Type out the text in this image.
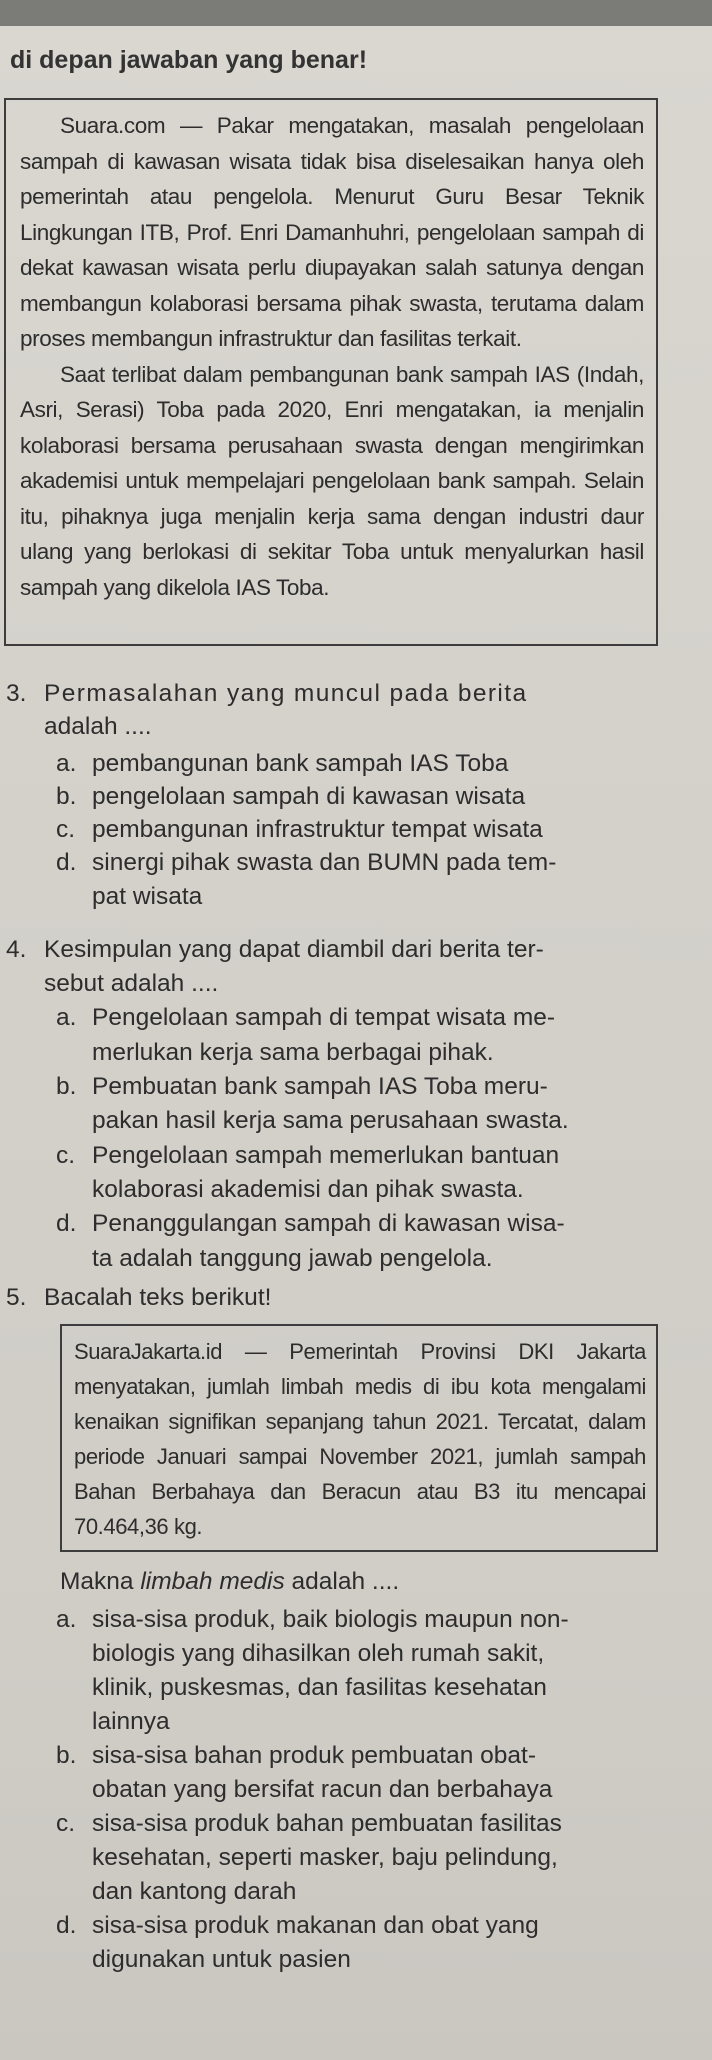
di depan jawaban yang benar!

Suara.com — Pakar mengatakan, masalah pengelolaan sampah di kawasan wisata tidak bisa diselesaikan hanya oleh pemerintah atau pengelola. Menurut Guru Besar Teknik Lingkungan ITB, Prof. Enri Damanhuhri, pengelolaan sampah di dekat kawasan wisata perlu diupayakan salah satunya dengan membangun kolaborasi bersama pihak swasta, terutama dalam proses membangun infrastruktur dan fasilitas terkait.

Saat terlibat dalam pembangunan bank sampah IAS (Indah, Asri, Serasi) Toba pada 2020, Enri mengatakan, ia menjalin kolaborasi bersama perusahaan swasta dengan mengirimkan akademisi untuk mempelajari pengelolaan bank sampah. Selain itu, pihaknya juga menjalin kerja sama dengan industri daur ulang yang berlokasi di sekitar Toba untuk menyalurkan hasil sampah yang dikelola IAS Toba.

3. Permasalahan yang muncul pada berita
adalah ....
a. pembangunan bank sampah IAS Toba
b. pengelolaan sampah di kawasan wisata
c. pembangunan infrastruktur tempat wisata
d. sinergi pihak swasta dan BUMN pada tem-
pat wisata
4. Kesimpulan yang dapat diambil dari berita ter-
sebut adalah ....
a. Pengelolaan sampah di tempat wisata me-
merlukan kerja sama berbagai pihak.
b. Pembuatan bank sampah IAS Toba meru-
pakan hasil kerja sama perusahaan swasta.
c. Pengelolaan sampah memerlukan bantuan
kolaborasi akademisi dan pihak swasta.
d. Penanggulangan sampah di kawasan wisa-
ta adalah tanggung jawab pengelola.
5. Bacalah teks berikut!

SuaraJakarta.id — Pemerintah Provinsi DKI Jakarta menyatakan, jumlah limbah medis di ibu kota mengalami kenaikan signifikan sepanjang tahun 2021. Tercatat, dalam periode Januari sampai November 2021, jumlah sampah Bahan Berbahaya dan Beracun atau B3 itu mencapai 70.464,36 kg.

Makna limbah medis adalah ....
a. sisa-sisa produk, baik biologis maupun non-
biologis yang dihasilkan oleh rumah sakit,
klinik, puskesmas, dan fasilitas kesehatan
lainnya
b. sisa-sisa bahan produk pembuatan obat-
obatan yang bersifat racun dan berbahaya
c. sisa-sisa produk bahan pembuatan fasilitas
kesehatan, seperti masker, baju pelindung,
dan kantong darah
d. sisa-sisa produk makanan dan obat yang
digunakan untuk pasien
